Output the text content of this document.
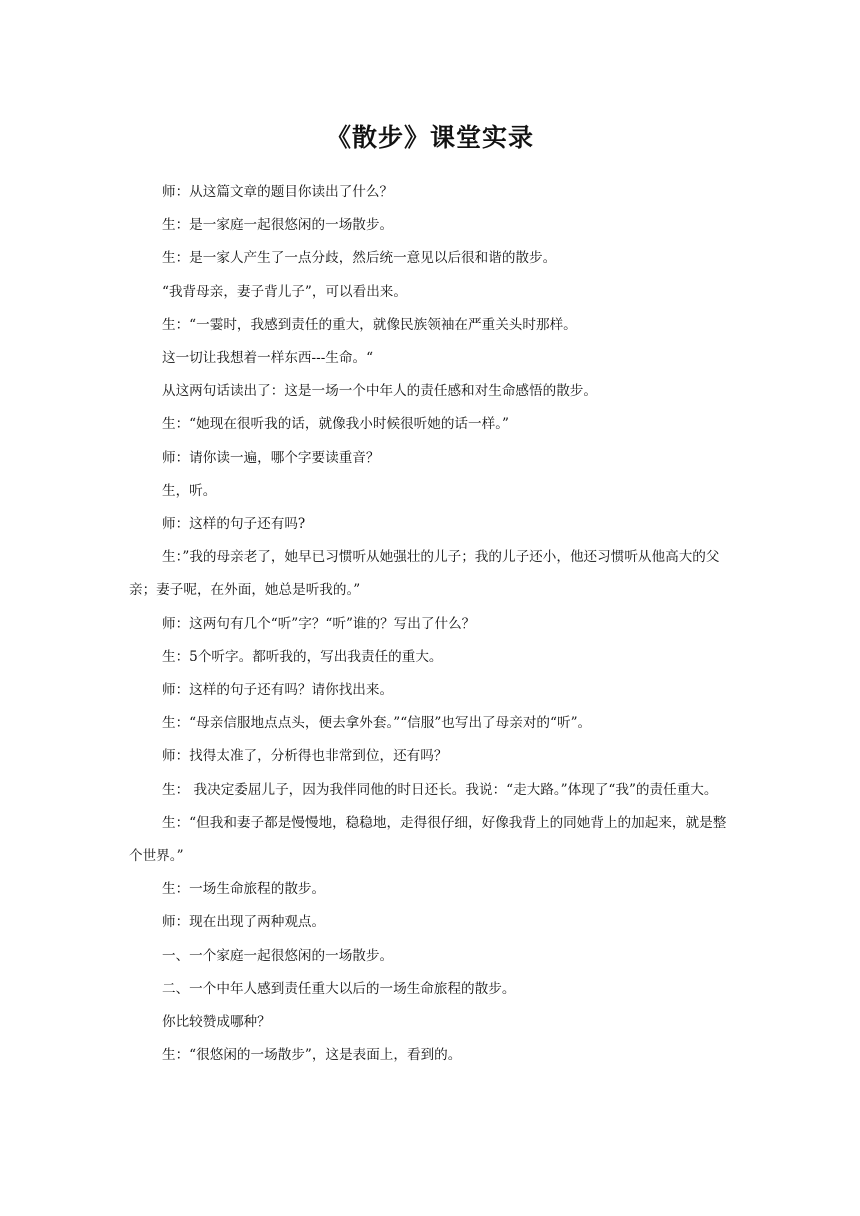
《散步》课堂实录

师：从这篇文章的题目你读出了什么？

生：是一家庭一起很悠闲的一场散步。

生：是一家人产生了一点分歧，然后统一意见以后很和谐的散步。

“我背母亲，妻子背儿子”，可以看出来。

生：“一霎时，我感到责任的重大，就像民族领袖在严重关头时那样。

这一切让我想着一样东西---生命。“

从这两句话读出了：这是一场一个中年人的责任感和对生命感悟的散步。

生：“她现在很听我的话，就像我小时候很听她的话一样。”

师：请你读一遍，哪个字要读重音？

生，听。

师：这样的句子还有吗?

生：”我的母亲老了，她早已习惯听从她强壮的儿子；我的儿子还小，他还习惯听从他高大的父亲；妻子呢，在外面，她总是听我的。”

师：这两句有几个“听”字？“听”谁的？写出了什么？

生：5个听字。都听我的，写出我责任的重大。

师：这样的句子还有吗？请你找出来。

生：“母亲信服地点点头，便去拿外套。”“信服”也写出了母亲对的“听”。

师：找得太准了，分析得也非常到位，还有吗？

生： 我决定委屈儿子，因为我伴同他的时日还长。我说：“走大路。”体现了“我”的责任重大。

生：“但我和妻子都是慢慢地，稳稳地，走得很仔细，好像我背上的同她背上的加起来，就是整个世界。”

生：一场生命旅程的散步。

师：现在出现了两种观点。

一、一个家庭一起很悠闲的一场散步。

二、一个中年人感到责任重大以后的一场生命旅程的散步。

你比较赞成哪种？

生：“很悠闲的一场散步”，这是表面上，看到的。
